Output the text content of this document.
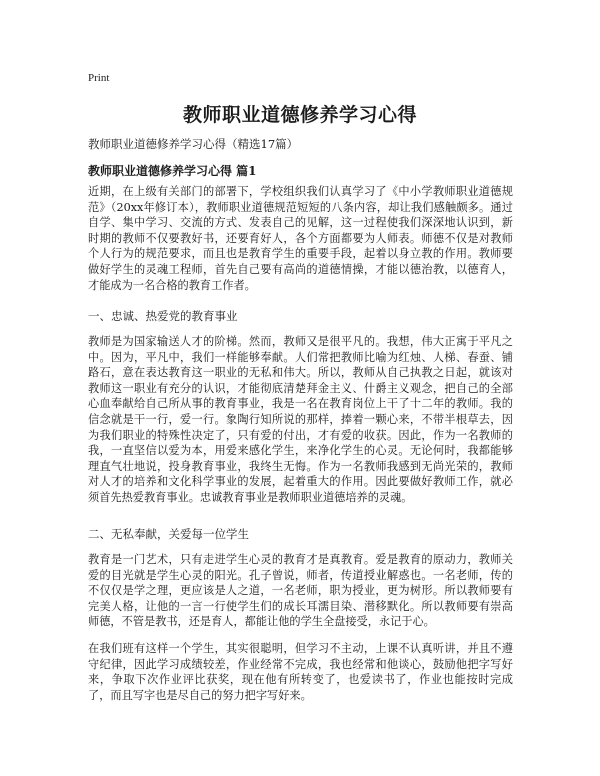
Print
教师职业道德修养学习心得
教师职业道德修养学习心得（精选17篇）
教师职业道德修养学习心得 篇1

近期，在上级有关部门的部署下，学校组织我们认真学习了《中小学教师职业道德规范》（20xx年修订本），教师职业道德规范短短的八条内容，却让我们感触颇多。通过自学、集中学习、交流的方式、发表自己的见解，这一过程使我们深深地认识到，新时期的教师不仅要教好书，还要育好人，各个方面都要为人师表。师德不仅是对教师个人行为的规范要求，而且也是教育学生的重要手段，起着以身立教的作用。教师要做好学生的灵魂工程师，首先自己要有高尚的道德情操，才能以德治教，以德育人，才能成为一名合格的教育工作者。

一、忠诚、热爱党的教育事业

教师是为国家输送人才的阶梯。然而，教师又是很平凡的。我想，伟大正寓于平凡之中。因为，平凡中，我们一样能够奉献。人们常把教师比喻为红烛、人梯、春蚕、铺路石，意在表达教育这一职业的无私和伟大。所以，教师从自己执教之日起，就该对教师这一职业有充分的认识，才能彻底清楚拜金主义、什爵主义观念，把自己的全部心血奉献给自己所从事的教育事业，我是一名在教育岗位上干了十二年的教师。我的信念就是干一行，爱一行。象陶行知所说的那样，捧着一颗心来，不带半根草去，因为我们职业的特殊性决定了，只有爱的付出，才有爱的收获。因此，作为一名教师的我，一直坚信以爱为本，用爱来感化学生，来净化学生的心灵。无论何时，我都能够理直气壮地说，投身教育事业，我终生无悔。作为一名教师我感到无尚光荣的，教师对人才的培养和文化科学事业的发展，起着重大的作用。因此要做好教师工作，就必须首先热爱教育事业。忠诚教育事业是教师职业道德培养的灵魂。

二、无私奉献，关爱每一位学生

教育是一门艺术，只有走进学生心灵的教育才是真教育。爱是教育的原动力，教师关爱的目光就是学生心灵的阳光。孔子曾说，师者，传道授业解惑也。一名老师，传的不仅仅是学之理，更应该是人之道，一名老师，职为授业，更为树形。所以教师要有完美人格，让他的一言一行使学生们的成长耳濡目染、潜移默化。所以教师要有崇高师德，不管是教书，还是育人，都能让他的学生全盘接受，永记于心。

在我们班有这样一个学生，其实很聪明，但学习不主动，上课不认真听讲，并且不遵守纪律，因此学习成绩较差，作业经常不完成，我也经常和他谈心，鼓励他把字写好来，争取下次作业评比获奖，现在他有所转变了，也爱读书了，作业也能按时完成了，而且写字也是尽自己的努力把字写好来。
